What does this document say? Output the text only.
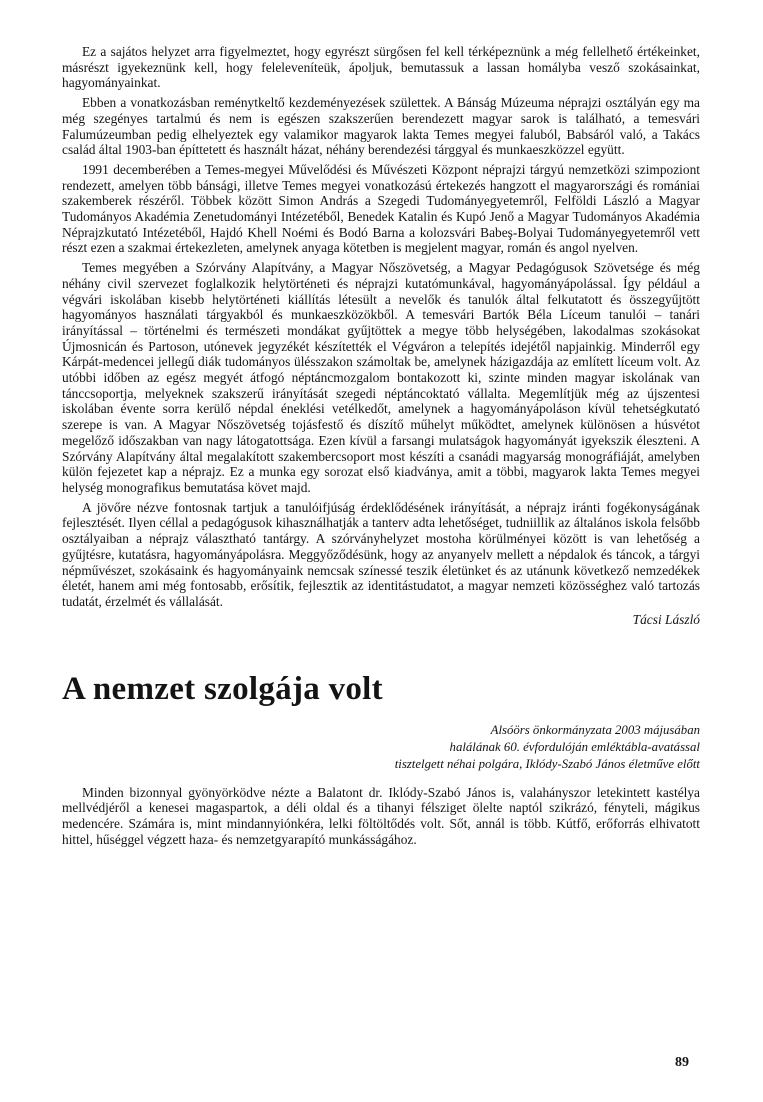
Ez a sajátos helyzet arra figyelmeztet, hogy egyrészt sürgősen fel kell térképeznünk a még fellelhető értékeinket, másrészt igyekeznünk kell, hogy feleleveníteük, ápoljuk, bemutassuk a lassan homályba vesző szokásainkat, hagyományainkat.

Ebben a vonatkozásban reménytkeltő kezdeményezések születtek. A Bánság Múzeuma néprajzi osztályán egy ma még szegényes tartalmú és nem is egészen szakszerűen berendezett magyar sarok is található, a temesvári Falumúzeumban pedig elhelyeztek egy valamikor magyarok lakta Temes megyei faluból, Babsáról való, a Takács család által 1903-ban építtetett és használt házat, néhány berendezési tárggyal és munkaeszközzel együtt.

1991 decemberében a Temes-megyei Művelődési és Művészeti Központ néprajzi tárgyú nemzetközi szimpoziont rendezett, amelyen több bánsági, illetve Temes megyei vonatkozású értekezés hangzott el magyarországi és romániai szakemberek részéről. Többek között Simon András a Szegedi Tudományegyetemről, Felföldi László a Magyar Tudományos Akadémia Zenetudományi Intézetéből, Benedek Katalin és Kupó Jenő a Magyar Tudományos Akadémia Néprajzkutató Intézetéből, Hajdó Khell Noémi és Bodó Barna a kolozsvári Babeş-Bolyai Tudományegyetemről vett részt ezen a szakmai értekezleten, amelynek anyaga kötetben is megjelent magyar, román és angol nyelven.

Temes megyében a Szórvány Alapítvány, a Magyar Nőszövetség, a Magyar Pedagógusok Szövetsége és még néhány civil szervezet foglalkozik helytörténeti és néprajzi kutatómunkával, hagyományápolással. Így például a végvári iskolában kisebb helytörténeti kiállítás létesült a nevelők és tanulók által felkutatott és összegyűjtött hagyományos használati tárgyakból és munkaeszközökből. A temesvári Bartók Béla Líceum tanulói – tanári irányítással – történelmi és természeti mondákat gyűjtöttek a megye több helységében, lakodalmas szokásokat Újmosnicán és Partoson, utónevek jegyzékét készítették el Végváron a telepítés idejétől napjainkig. Minderről egy Kárpát-medencei jellegű diák tudományos ülésszakon számoltak be, amelynek házigazdája az említett líceum volt. Az utóbbi időben az egész megyét átfogó néptáncmozgalom bontakozott ki, szinte minden magyar iskolának van tánccsoportja, melyeknek szakszerű irányítását szegedi néptáncoktató vállalta. Megemlítjük még az újszentesi iskolában évente sorra kerülő népdal éneklési vetélkedőt, amelynek a hagyományápoláson kívül tehetségkutató szerepe is van. A Magyar Nőszövetség tojásfestő és díszítő műhelyt működtet, amelynek különösen a húsvétot megelőző időszakban van nagy látogatottsága. Ezen kívül a farsangi mulatságok hagyományát igyekszik éleszteni. A Szórvány Alapítvány által megalakított szakembercsoport most készíti a csanádi magyarság monográfiáját, amelyben külön fejezetet kap a néprajz. Ez a munka egy sorozat első kiadványa, amit a többi, magyarok lakta Temes megyei helység monografikus bemutatása követ majd.

A jövőre nézve fontosnak tartjuk a tanulóifjúság érdeklődésének irányítását, a néprajz iránti fogékonyságának fejlesztését. Ilyen céllal a pedagógusok kihasználhatják a tanterv adta lehetőséget, tudniillik az általános iskola felsőbb osztályaiban a néprajz választható tantárgy. A szórványhelyzet mostoha körülményei között is van lehetőség a gyűjtésre, kutatásra, hagyományápolásra. Meggyőződésünk, hogy az anyanyelv mellett a népdalok és táncok, a tárgyi népművészet, szokásaink és hagyományaink nemcsak színessé teszik életünket és az utánunk következő nemzedékek életét, hanem ami még fontosabb, erősítik, fejlesztik az identitástudatot, a magyar nemzeti közösséghez való tartozás tudatát, érzelmét és vállalását.

Tácsi László
A nemzet szolgája volt
Alsóörs önkormányzata 2003 májusában
halálának 60. évfordulóján emléktábla-avatással
tisztelgett néhai polgára, Iklódy-Szabó János életműve előtt

Minden bizonnyal gyönyörködve nézte a Balatont dr. Iklódy-Szabó János is, valahányszor letekintett kastélya mellvédjéről a kenesei magaspartok, a déli oldal és a tihanyi félsziget ölelte naptól szikrázó, fényteli, mágikus medencére. Számára is, mint mindannyiónkéra, lelki föltöltődés volt. Sőt, annál is több. Kútfő, erőforrás elhivatott hittel, hűséggel végzett haza- és nemzetgyarapító munkásságához.

89
